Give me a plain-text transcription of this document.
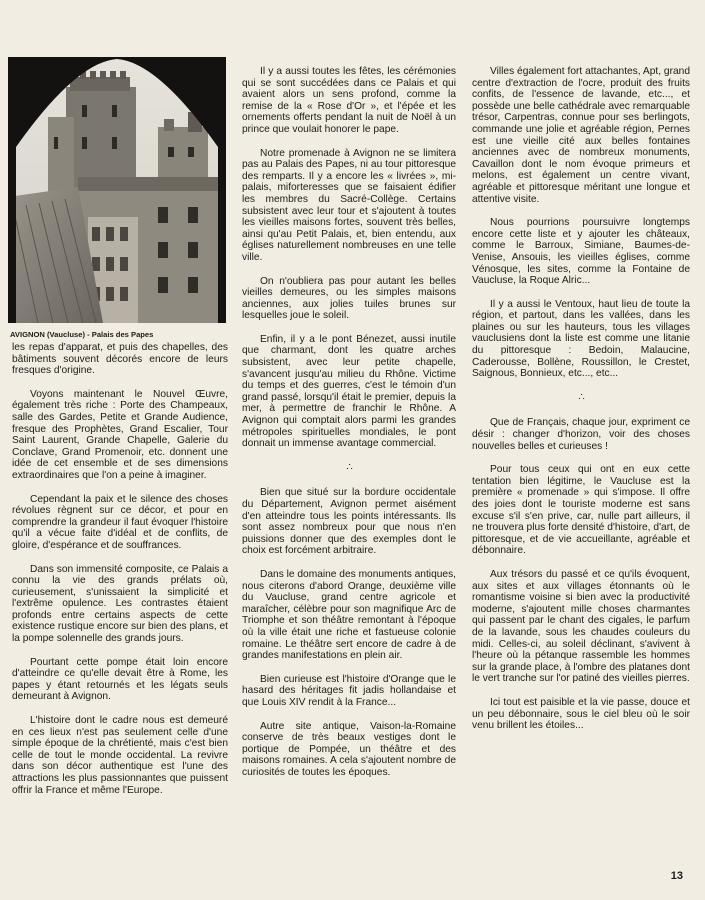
AVIGNON (Vaucluse) - Palais des Papes

les repas d'apparat, et puis des chapelles, des bâtiments souvent décorés encore de leurs fresques d'origine.

Voyons maintenant le Nouvel Œuvre, également très riche : Porte des Champeaux, salle des Gardes, Petite et Grande Audience, fresque des Prophètes, Grand Escalier, Tour Saint Laurent, Grande Chapelle, Galerie du Conclave, Grand Promenoir, etc. donnent une idée de cet ensemble et de ses dimensions extraordinaires que l'on a peine à imaginer.

Cependant la paix et le silence des choses révolues règnent sur ce décor, et pour en comprendre la grandeur il faut évoquer l'histoire qu'il a vécue faite d'idéal et de conflits, de gloire, d'espérance et de souffrances.

Dans son immensité composite, ce Palais a connu la vie des grands prélats où, curieusement, s'unissaient la simplicité et l'extrême opulence. Les contrastes étaient profonds entre certains aspects de cette existence rustique encore sur bien des plans, et la pompe solennelle des grands jours.

Pourtant cette pompe était loin encore d'atteindre ce qu'elle devait être à Rome, les papes y étant retournés et les légats seuls demeurant à Avignon.

L'histoire dont le cadre nous est demeuré en ces lieux n'est pas seulement celle d'une simple époque de la chrétienté, mais c'est bien celle de tout le monde occidental. La revivre dans son décor authentique est l'une des attractions les plus passionnantes que puissent offrir la France et même l'Europe.

Il y a aussi toutes les fêtes, les cérémonies qui se sont succédées dans ce Palais et qui avaient alors un sens profond, comme la remise de la « Rose d'Or », et l'épée et les ornements offerts pendant la nuit de Noël à un prince que voulait honorer le pape.

Notre promenade à Avignon ne se limitera pas au Palais des Papes, ni au tour pittoresque des remparts. Il y a encore les « livrées », mi-palais, miforteresses que se faisaient édifier les membres du Sacré-Collège. Certains subsistent avec leur tour et s'ajoutent à toutes les vieilles maisons fortes, souvent très belles, ainsi qu'au Petit Palais, et, bien entendu, aux églises naturellement nombreuses en une telle ville.

On n'oubliera pas pour autant les belles vieilles demeures, ou les simples maisons anciennes, aux jolies tuiles brunes sur lesquelles joue le soleil.

Enfin, il y a le pont Bénezet, aussi inutile que charmant, dont les quatre arches subsistent, avec leur petite chapelle, s'avancent jusqu'au milieu du Rhône. Victime du temps et des guerres, c'est le témoin d'un grand passé, lorsqu'il était le premier, depuis la mer, à permettre de franchir le Rhône. A Avignon qui comptait alors parmi les grandes métropoles spirituelles mondiales, le pont donnait un immense avantage commercial.

∴

Bien que situé sur la bordure occidentale du Département, Avignon permet aisément d'en atteindre tous les points intéressants. Ils sont assez nombreux pour que nous n'en puissions donner que des exemples dont le choix est forcément arbitraire.

Dans le domaine des monuments antiques, nous citerons d'abord Orange, deuxième ville du Vaucluse, grand centre agricole et maraîcher, célèbre pour son magnifique Arc de Triomphe et son théâtre remontant à l'époque où la ville était une riche et fastueuse colonie romaine. Le théâtre sert encore de cadre à de grandes manifestations en plein air.

Bien curieuse est l'histoire d'Orange que le hasard des héritages fit jadis hollandaise et que Louis XIV rendit à la France...

Autre site antique, Vaison-la-Romaine conserve de très beaux vestiges dont le portique de Pompée, un théâtre et des maisons romaines. A cela s'ajoutent nombre de curiosités de toutes les époques.

Villes également fort attachantes, Apt, grand centre d'extraction de l'ocre, produit des fruits confits, de l'essence de lavande, etc..., et possède une belle cathédrale avec remarquable trésor, Carpentras, connue pour ses berlingots, commande une jolie et agréable région, Pernes est une vieille cité aux belles fontaines anciennes avec de nombreux monuments, Cavaillon dont le nom évoque primeurs et melons, est également un centre vivant, agréable et pittoresque méritant une longue et attentive visite.

Nous pourrions poursuivre longtemps encore cette liste et y ajouter les châteaux, comme le Barroux, Simiane, Baumes-de-Venise, Ansouis, les vieilles églises, comme Vénosque, les sites, comme la Fontaine de Vaucluse, la Roque Alric...

Il y a aussi le Ventoux, haut lieu de toute la région, et partout, dans les vallées, dans les plaines ou sur les hauteurs, tous les villages vauclusiens dont la liste est comme une litanie du pittoresque : Bedoin, Malaucine, Caderousse, Bollène, Roussillon, le Crestet, Saignous, Bonnieux, etc..., etc...

∴

Que de Français, chaque jour, expriment ce désir : changer d'horizon, voir des choses nouvelles belles et curieuses !

Pour tous ceux qui ont en eux cette tentation bien légitime, le Vaucluse est la première « promenade » qui s'impose. Il offre des joies dont le touriste moderne est sans excuse s'il s'en prive, car, nulle part ailleurs, il ne trouvera plus forte densité d'histoire, d'art, de pittoresque, et de vie accueillante, agréable et débonnaire.

Aux trésors du passé et ce qu'ils évoquent, aux sites et aux villages étonnants où le romantisme voisine si bien avec la productivité moderne, s'ajoutent mille choses charmantes qui passent par le chant des cigales, le parfum de la lavande, sous les chaudes couleurs du midi. Celles-ci, au soleil déclinant, s'avivent à l'heure où la pétanque rassemble les hommes sur la grande place, à l'ombre des platanes dont le vert tranche sur l'or patiné des vieilles pierres.

Ici tout est paisible et la vie passe, douce et un peu débonnaire, sous le ciel bleu où le soir venu brillent les étoiles...

13
